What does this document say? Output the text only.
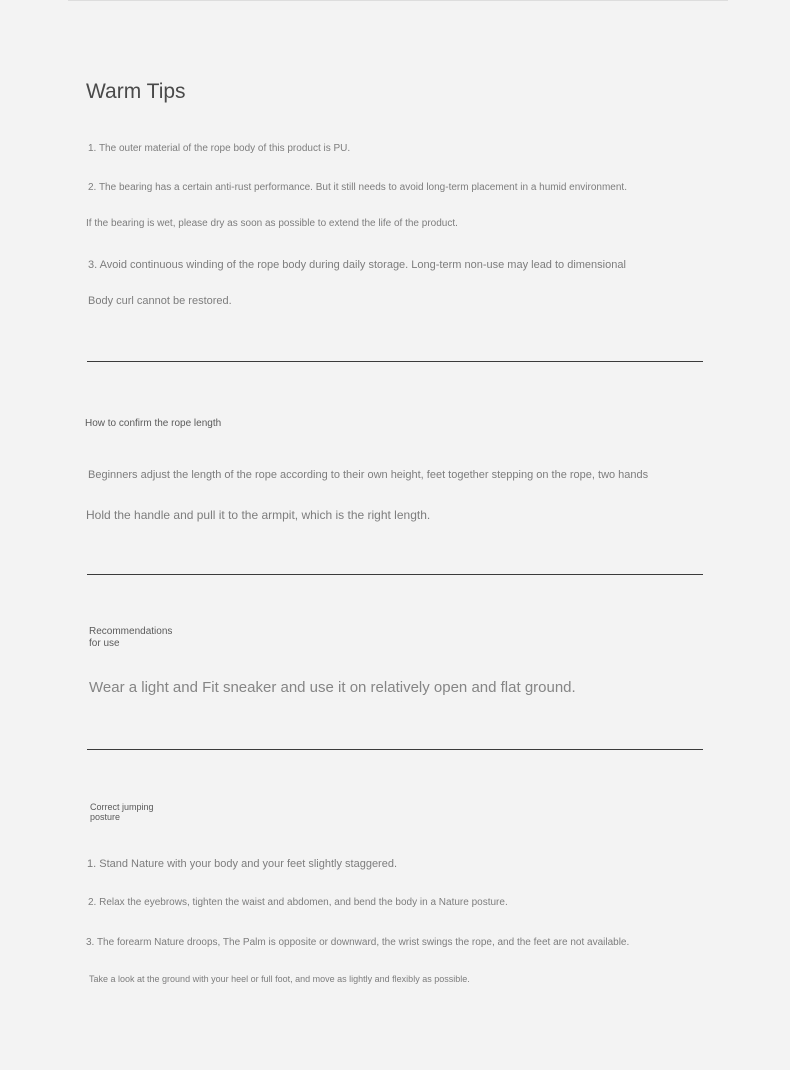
Warm Tips

1. The outer material of the rope body of this product is PU.

2. The bearing has a certain anti-rust performance. But it still needs to avoid long-term placement in a humid environment.

If the bearing is wet, please dry as soon as possible to extend the life of the product.

3. Avoid continuous winding of the rope body during daily storage. Long-term non-use may lead to dimensional

Body curl cannot be restored.

How to confirm the rope length

Beginners adjust the length of the rope according to their own height, feet together stepping on the rope, two hands

Hold the handle and pull it to the armpit, which is the right length.

Recommendations
for use

Wear a light and Fit sneaker and use it on relatively open and flat ground.

Correct jumping
posture

1. Stand Nature with your body and your feet slightly staggered.

2. Relax the eyebrows, tighten the waist and abdomen, and bend the body in a Nature posture.

3. The forearm Nature droops, The Palm is opposite or downward, the wrist swings the rope, and the feet are not available.

Take a look at the ground with your heel or full foot, and move as lightly and flexibly as possible.
